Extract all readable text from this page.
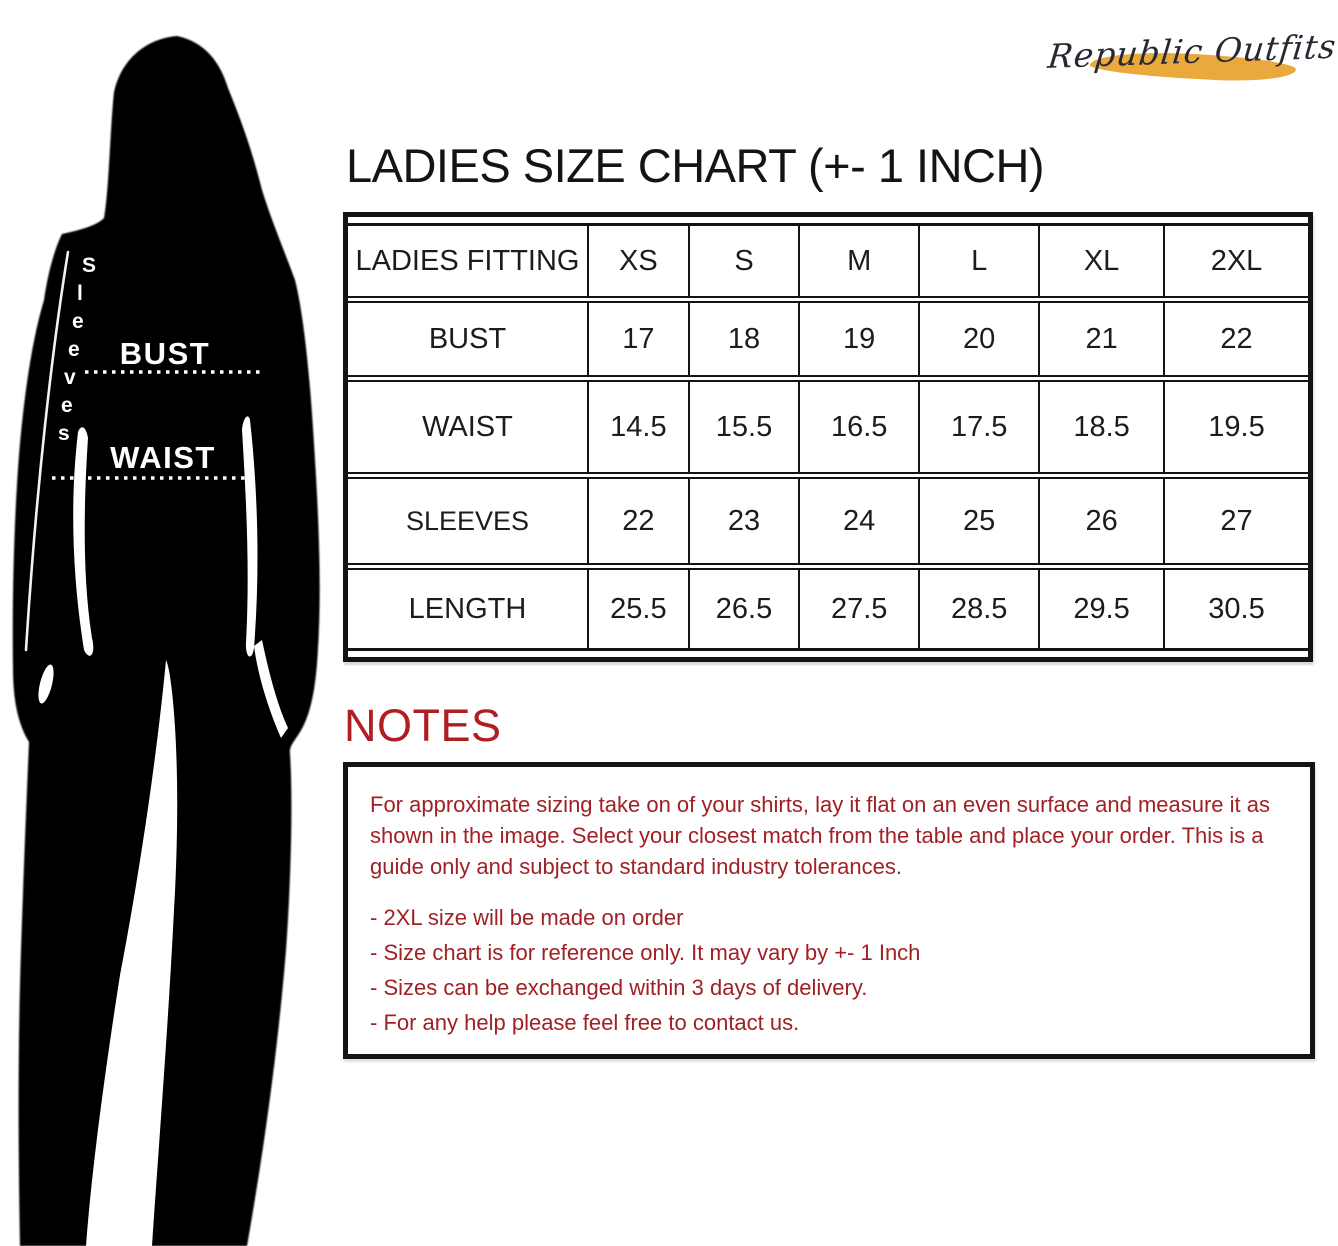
S
l
e
e
v
e
s
BUST
WAIST
Republic Outfits
LADIES SIZE CHART (+- 1 INCH)
LADIES FITTING	XS	S	M	L	XL	2XL
BUST	17	18	19	20	21	22
WAIST	14.5	15.5	16.5	17.5	18.5	19.5
SLEEVES	22	23	24	25	26	27
LENGTH	25.5	26.5	27.5	28.5	29.5	30.5
NOTES

For approximate sizing take on of your shirts, lay it flat on an even surface and measure it as shown in the image. Select your closest match from the table and place your order. This is a guide only and subject to standard industry tolerances.

- 2XL size will be made on order
- Size chart is for reference only. It may vary by +- 1 Inch
- Sizes can be exchanged within 3 days of delivery.
- For any help please feel free to contact us.
